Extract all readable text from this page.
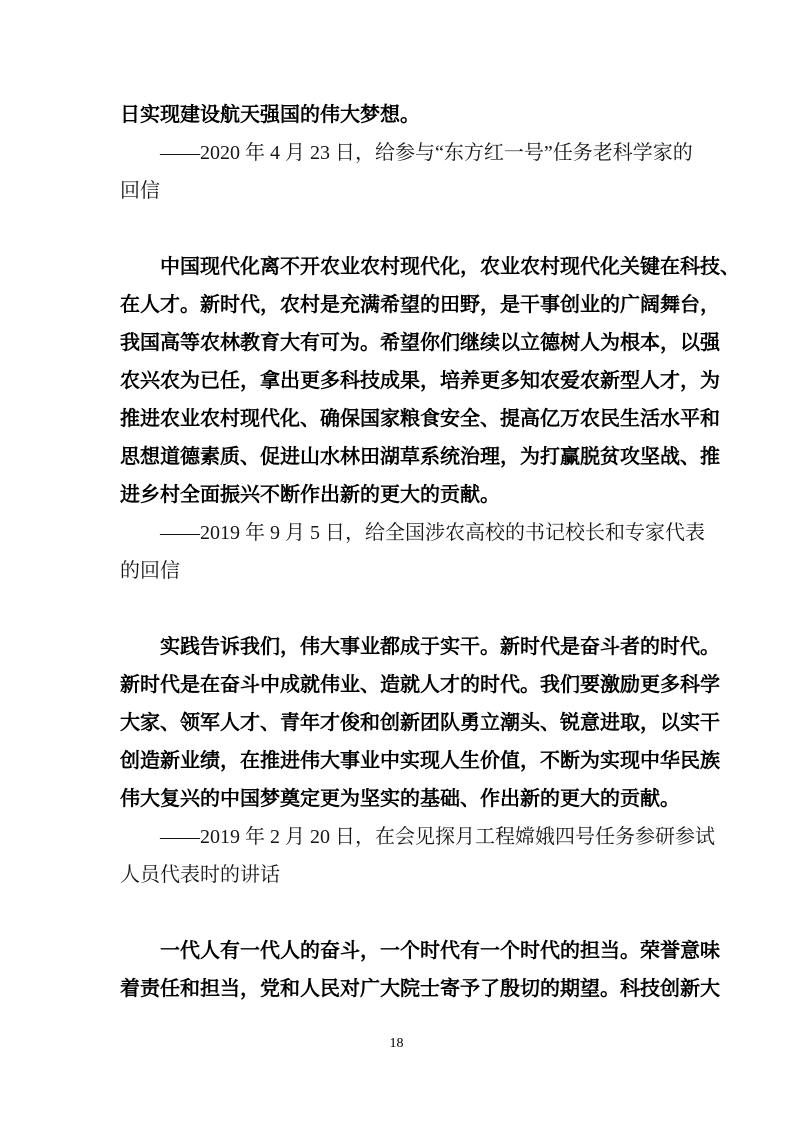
日实现建设航天强国的伟大梦想。
——2020 年 4 月 23 日，给参与“东方红一号”任务老科学家的
回信
中国现代化离不开农业农村现代化，农业农村现代化关键在科技、
在人才。新时代，农村是充满希望的田野，是干事创业的广阔舞台，
我国高等农林教育大有可为。希望你们继续以立德树人为根本，以强
农兴农为已任，拿出更多科技成果，培养更多知农爱农新型人才，为
推进农业农村现代化、确保国家粮食安全、提高亿万农民生活水平和
思想道德素质、促进山水林田湖草系统治理，为打赢脱贫攻坚战、推
进乡村全面振兴不断作出新的更大的贡献。
——2019 年 9 月 5 日，给全国涉农高校的书记校长和专家代表
的回信
实践告诉我们，伟大事业都成于实干。新时代是奋斗者的时代。
新时代是在奋斗中成就伟业、造就人才的时代。我们要激励更多科学
大家、领军人才、青年才俊和创新团队勇立潮头、锐意进取，以实干
创造新业绩，在推进伟大事业中实现人生价值，不断为实现中华民族
伟大复兴的中国梦奠定更为坚实的基础、作出新的更大的贡献。
——2019 年 2 月 20 日，在会见探月工程嫦娥四号任务参研参试
人员代表时的讲话
一代人有一代人的奋斗，一个时代有一个时代的担当。荣誉意味
着责任和担当，党和人民对广大院士寄予了殷切的期望。科技创新大
18
